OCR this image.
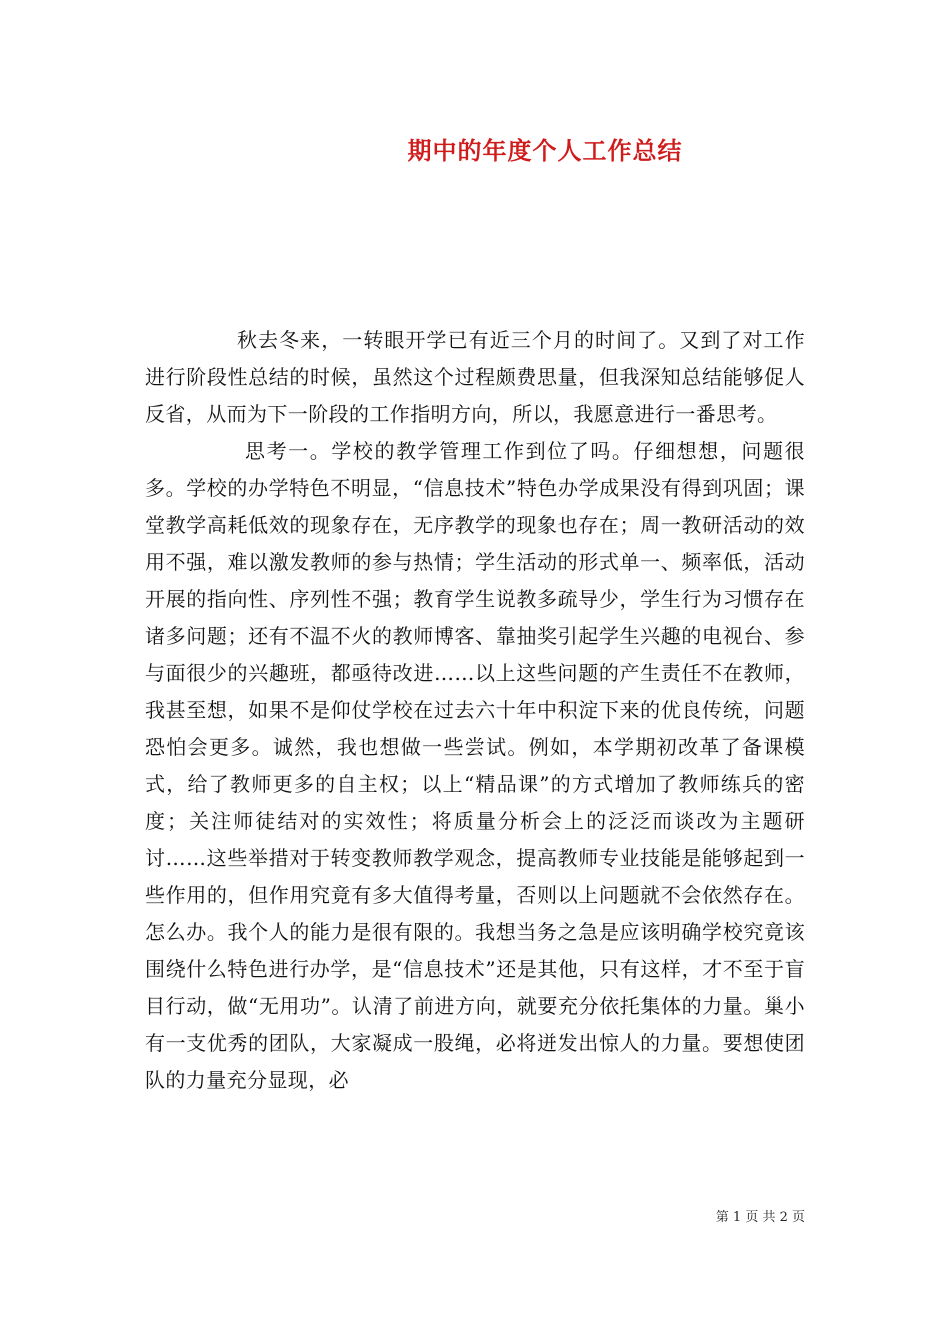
期中的年度个人工作总结

秋去冬来，一转眼开学已有近三个月的时间了。又到了对工作进行阶段性总结的时候，虽然这个过程颇费思量，但我深知总结能够促人反省，从而为下一阶段的工作指明方向，所以，我愿意进行一番思考。

思考一。学校的教学管理工作到位了吗。仔细想想，问题很多。学校的办学特色不明显，“信息技术”特色办学成果没有得到巩固；课堂教学高耗低效的现象存在，无序教学的现象也存在；周一教研活动的效用不强，难以激发教师的参与热情；学生活动的形式单一、频率低，活动开展的指向性、序列性不强；教育学生说教多疏导少，学生行为习惯存在诸多问题；还有不温不火的教师博客、靠抽奖引起学生兴趣的电视台、参与面很少的兴趣班，都亟待改进……以上这些问题的产生责任不在教师，我甚至想，如果不是仰仗学校在过去六十年中积淀下来的优良传统，问题恐怕会更多。诚然，我也想做一些尝试。例如，本学期初改革了备课模式，给了教师更多的自主权；以上“精品课”的方式增加了教师练兵的密度；关注师徒结对的实效性；将质量分析会上的泛泛而谈改为主题研讨……这些举措对于转变教师教学观念，提高教师专业技能是能够起到一些作用的，但作用究竟有多大值得考量，否则以上问题就不会依然存在。怎么办。我个人的能力是很有限的。我想当务之急是应该明确学校究竟该围绕什么特色进行办学，是“信息技术”还是其他，只有这样，才不至于盲目行动，做“无用功”。认清了前进方向，就要充分依托集体的力量。巢小有一支优秀的团队，大家凝成一股绳，必将迸发出惊人的力量。要想使团队的力量充分显现，必

第 1 页 共 2 页
